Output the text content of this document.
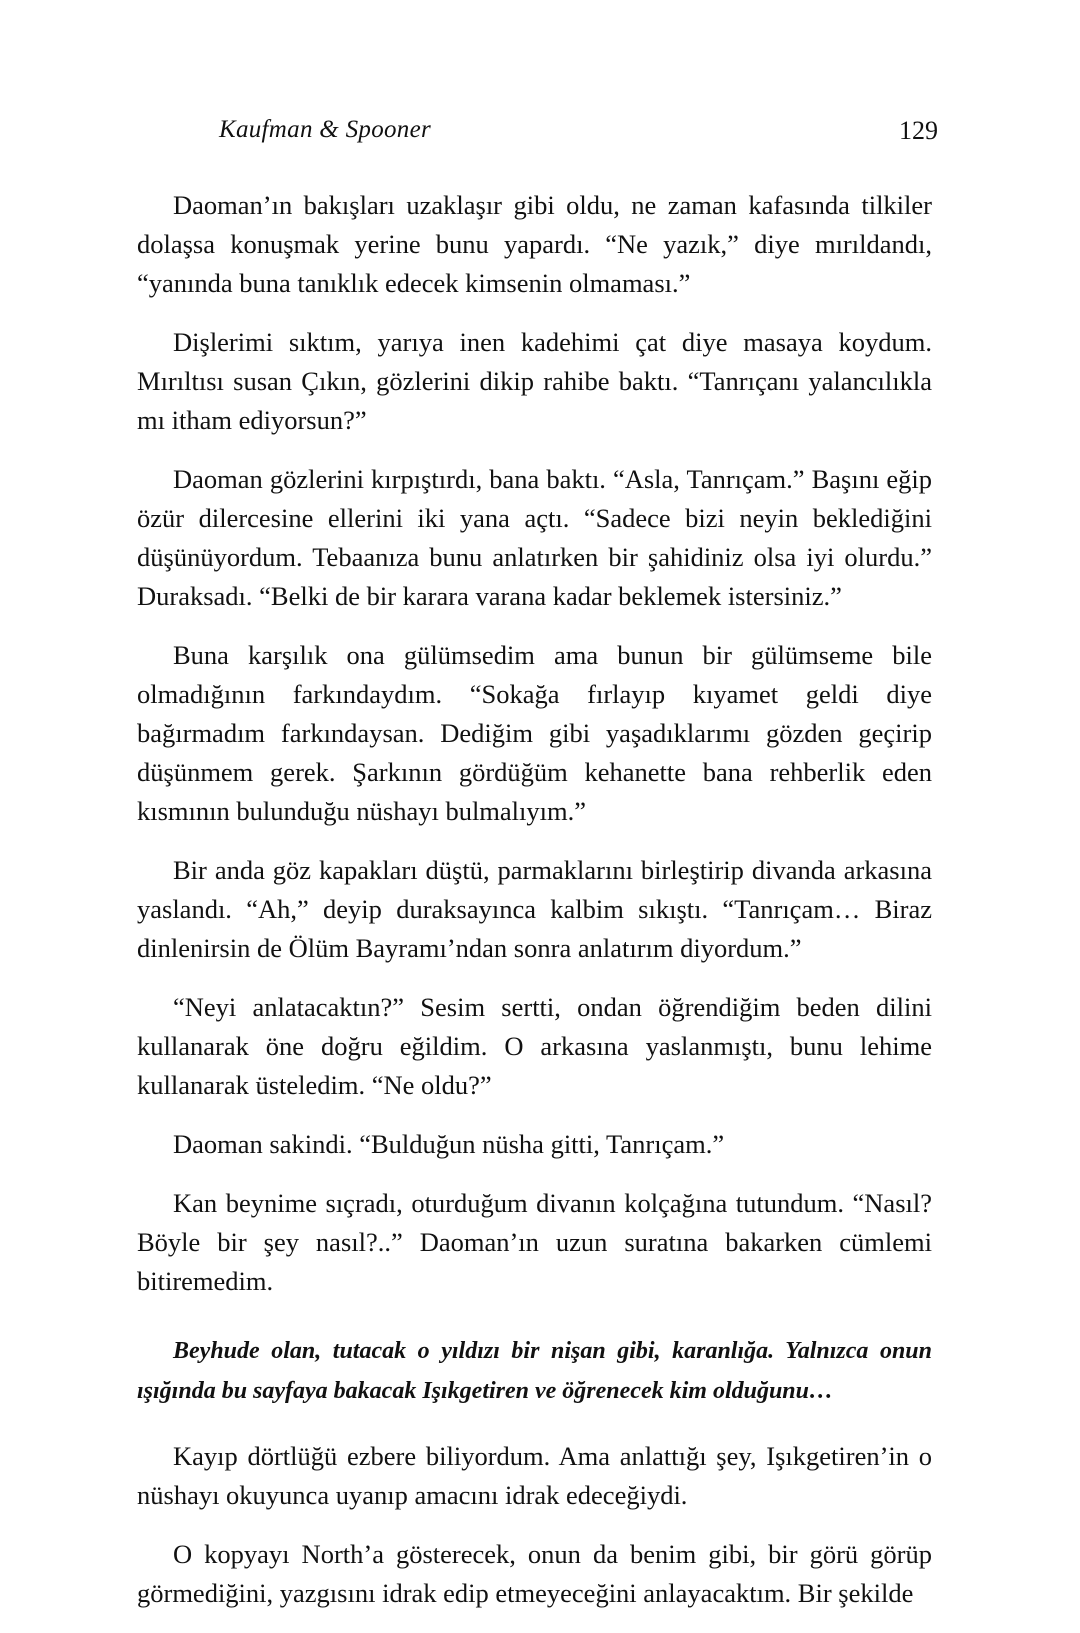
Kaufman & Spooner	129

Daoman’ın bakışları uzaklaşır gibi oldu, ne zaman kafasında tilkiler dolaşsa konuşmak yerine bunu yapardı. “Ne yazık,” diye mırıldandı, “yanında buna tanıklık edecek kimsenin olmaması.”

Dişlerimi sıktım, yarıya inen kadehimi çat diye masaya koydum. Mırıltısı susan Çıkın, gözlerini dikip rahibe baktı. “Tanrıçanı yalancılıkla mı itham ediyorsun?”

Daoman gözlerini kırpıştırdı, bana baktı. “Asla, Tanrıçam.” Başını eğip özür dilercesine ellerini iki yana açtı. “Sadece bizi neyin beklediğini düşünüyordum. Tebaanıza bunu anlatırken bir şahidiniz olsa iyi olurdu.” Duraksadı. “Belki de bir karara varana kadar beklemek istersiniz.”

Buna karşılık ona gülümsedim ama bunun bir gülümseme bile olmadığının farkındaydım. “Sokağa fırlayıp kıyamet geldi diye bağırmadım farkındaysan. Dediğim gibi yaşadıklarımı gözden geçirip düşünmem gerek. Şarkının gördüğüm kehanette bana rehberlik eden kısmının bulunduğu nüshayı bulmalıyım.”

Bir anda göz kapakları düştü, parmaklarını birleştirip divanda arkasına yaslandı. “Ah,” deyip duraksayınca kalbim sıkıştı. “Tanrıçam… Biraz dinlenirsin de Ölüm Bayramı’ndan sonra anlatırım diyordum.”

“Neyi anlatacaktın?” Sesim sertti, ondan öğrendiğim beden dilini kullanarak öne doğru eğildim. O arkasına yaslanmıştı, bunu lehime kullanarak üsteledim. “Ne oldu?”

Daoman sakindi. “Bulduğun nüsha gitti, Tanrıçam.”

Kan beynime sıçradı, oturduğum divanın kolçağına tutundum. “Nasıl? Böyle bir şey nasıl?..” Daoman’ın uzun suratına bakarken cümlemi bitiremedim.

Beyhude olan, tutacak o yıldızı bir nişan gibi, karanlığa. Yalnızca onun ışığında bu sayfaya bakacak Işıkgetiren ve öğrenecek kim olduğunu…

Kayıp dörtlüğü ezbere biliyordum. Ama anlattığı şey, Işıkgetiren’in o nüshayı okuyunca uyanıp amacını idrak edeceğiydi.

O kopyayı North’a gösterecek, onun da benim gibi, bir görü görüp görmediğini, yazgısını idrak edip etmeyeceğini anlayacaktım. Bir şekilde
